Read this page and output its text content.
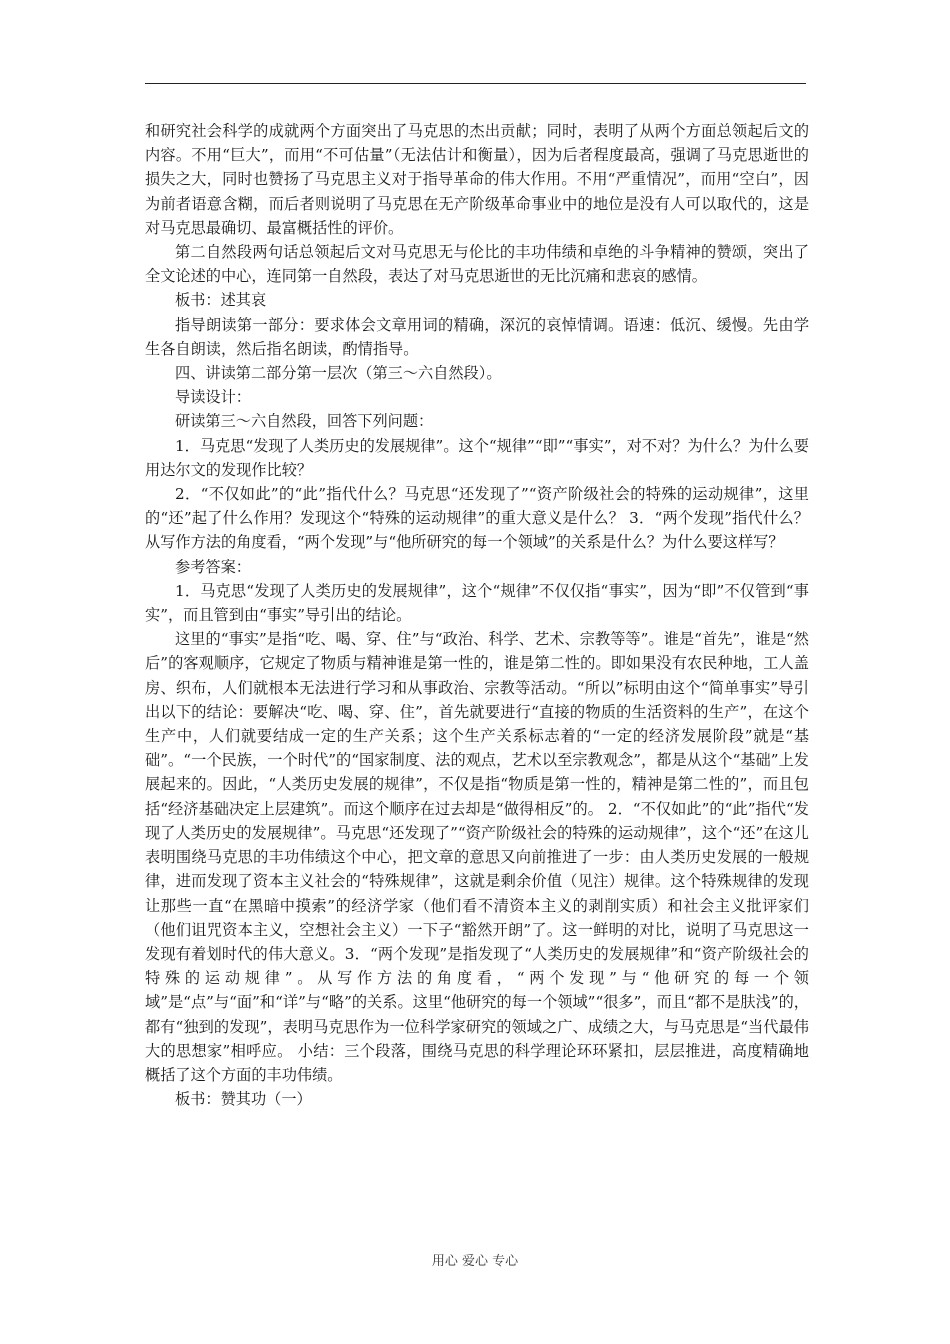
和研究社会科学的成就两个方面突出了马克思的杰出贡献；同时，表明了从两个方面总领起后文的内容。不用“巨大”，而用“不可估量”（无法估计和衡量），因为后者程度最高，强调了马克思逝世的损失之大，同时也赞扬了马克思主义对于指导革命的伟大作用。不用“严重情况”，而用“空白”，因为前者语意含糊，而后者则说明了马克思在无产阶级革命事业中的地位是没有人可以取代的，这是对马克思最确切、最富概括性的评价。

第二自然段两句话总领起后文对马克思无与伦比的丰功伟绩和卓绝的斗争精神的赞颂，突出了全文论述的中心，连同第一自然段，表达了对马克思逝世的无比沉痛和悲哀的感情。

板书：述其哀

指导朗读第一部分：要求体会文章用词的精确，深沉的哀悼情调。语速：低沉、缓慢。先由学生各自朗读，然后指名朗读，酌情指导。

四、讲读第二部分第一层次（第三～六自然段）。

导读设计：

研读第三～六自然段，回答下列问题：

1．马克思“发现了人类历史的发展规律”。这个“规律”“即”“事实”，对不对？为什么？为什么要用达尔文的发现作比较？

2．“不仅如此”的“此”指代什么？马克思“还发现了”“资产阶级社会的特殊的运动规律”，这里的“还”起了什么作用？发现这个“特殊的运动规律”的重大意义是什么？ 3．“两个发现”指代什么？从写作方法的角度看，“两个发现”与“他所研究的每一个领域”的关系是什么？为什么要这样写？

参考答案：

1．马克思“发现了人类历史的发展规律”，这个“规律”不仅仅指“事实”，因为“即”不仅管到“事实”，而且管到由“事实”导引出的结论。

这里的“事实”是指“吃、喝、穿、住”与“政治、科学、艺术、宗教等等”。谁是“首先”，谁是“然后”的客观顺序，它规定了物质与精神谁是第一性的，谁是第二性的。即如果没有农民种地，工人盖房、织布，人们就根本无法进行学习和从事政治、宗教等活动。“所以”标明由这个“简单事实”导引出以下的结论：要解决“吃、喝、穿、住”，首先就要进行“直接的物质的生活资料的生产”，在这个生产中，人们就要结成一定的生产关系；这个生产关系标志着的“一定的经济发展阶段”就是“基础”。“一个民族，一个时代”的“国家制度、法的观点，艺术以至宗教观念”，都是从这个“基础”上发展起来的。因此，“人类历史发展的规律”，不仅是指“物质是第一性的，精神是第二性的”，而且包括“经济基础决定上层建筑”。而这个顺序在过去却是“做得相反”的。 2．“不仅如此”的“此”指代“发现了人类历史的发展规律”。马克思“还发现了”“资产阶级社会的特殊的运动规律”，这个“还”在这儿表明围绕马克思的丰功伟绩这个中心，把文章的意思又向前推进了一步：由人类历史发展的一般规律，进而发现了资本主义社会的“特殊规律”，这就是剩余价值（见注）规律。这个特殊规律的发现让那些一直“在黑暗中摸索”的经济学家（他们看不清资本主义的剥削实质）和社会主义批评家们（他们诅咒资本主义，空想社会主义）一下子“豁然开朗”了。这一鲜明的对比，说明了马克思这一发现有着划时代的伟大意义。3．“两个发现”是指发现了“人类历史的发展规律”和“资产阶级社会的特殊的运动规律”。从写作方法的角度看，“两个发现”与“他研究的每一个领域”是“点”与“面”和“详”与“略”的关系。这里“他研究的每一个领域”“很多”，而且“都不是肤浅”的，都有“独到的发现”，表明马克思作为一位科学家研究的领域之广、成绩之大，与马克思是“当代最伟大的思想家”相呼应。 小结：三个段落，围绕马克思的科学理论环环紧扣，层层推进，高度精确地概括了这个方面的丰功伟绩。

板书：赞其功（一）

用心 爱心 专心
